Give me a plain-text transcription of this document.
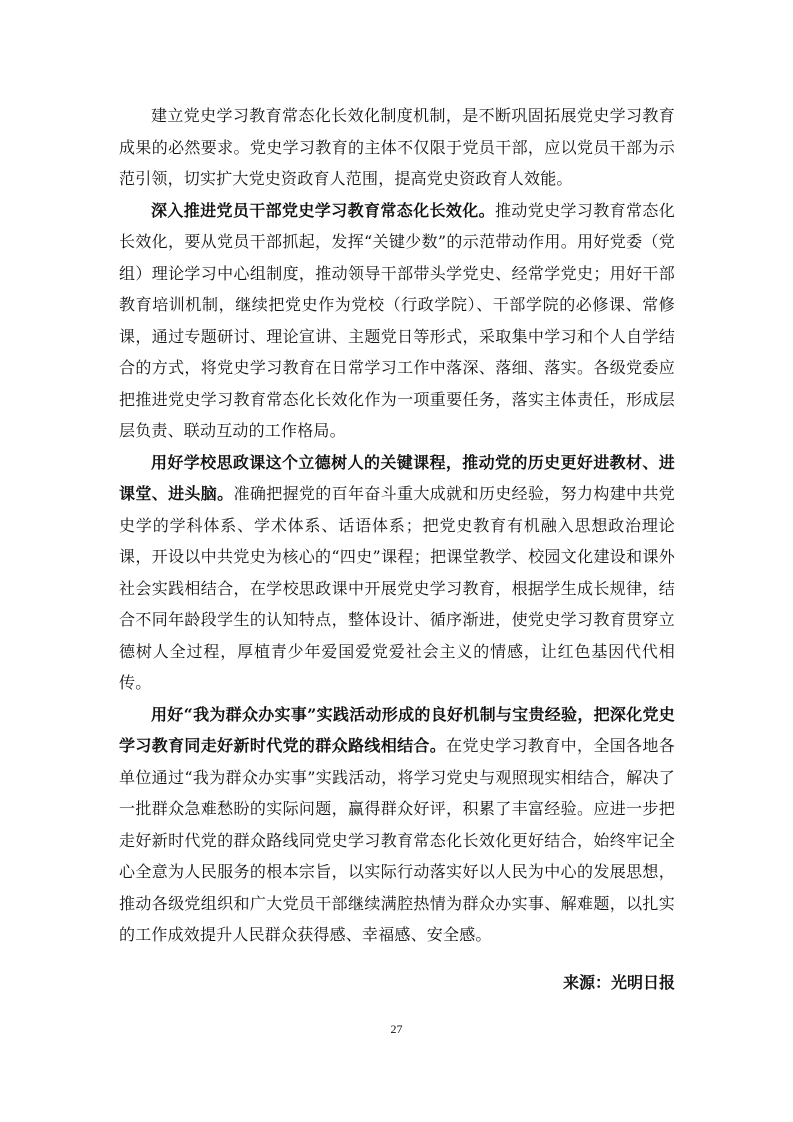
建立党史学习教育常态化长效化制度机制，是不断巩固拓展党史学习教育成果的必然要求。党史学习教育的主体不仅限于党员干部，应以党员干部为示范引领，切实扩大党史资政育人范围，提高党史资政育人效能。

深入推进党员干部党史学习教育常态化长效化。推动党史学习教育常态化长效化，要从党员干部抓起，发挥“关键少数”的示范带动作用。用好党委（党组）理论学习中心组制度，推动领导干部带头学党史、经常学党史；用好干部教育培训机制，继续把党史作为党校（行政学院）、干部学院的必修课、常修课，通过专题研讨、理论宣讲、主题党日等形式，采取集中学习和个人自学结合的方式，将党史学习教育在日常学习工作中落深、落细、落实。各级党委应把推进党史学习教育常态化长效化作为一项重要任务，落实主体责任，形成层层负责、联动互动的工作格局。

用好学校思政课这个立德树人的关键课程，推动党的历史更好进教材、进课堂、进头脑。准确把握党的百年奋斗重大成就和历史经验，努力构建中共党史学的学科体系、学术体系、话语体系；把党史教育有机融入思想政治理论课，开设以中共党史为核心的“四史”课程；把课堂教学、校园文化建设和课外社会实践相结合，在学校思政课中开展党史学习教育，根据学生成长规律，结合不同年龄段学生的认知特点，整体设计、循序渐进，使党史学习教育贯穿立德树人全过程，厚植青少年爱国爱党爱社会主义的情感，让红色基因代代相传。

用好“我为群众办实事”实践活动形成的良好机制与宝贵经验，把深化党史学习教育同走好新时代党的群众路线相结合。在党史学习教育中，全国各地各单位通过“我为群众办实事”实践活动，将学习党史与观照现实相结合，解决了一批群众急难愁盼的实际问题，赢得群众好评，积累了丰富经验。应进一步把走好新时代党的群众路线同党史学习教育常态化长效化更好结合，始终牢记全心全意为人民服务的根本宗旨，以实际行动落实好以人民为中心的发展思想，推动各级党组织和广大党员干部继续满腔热情为群众办实事、解难题，以扎实的工作成效提升人民群众获得感、幸福感、安全感。

来源：光明日报

27
